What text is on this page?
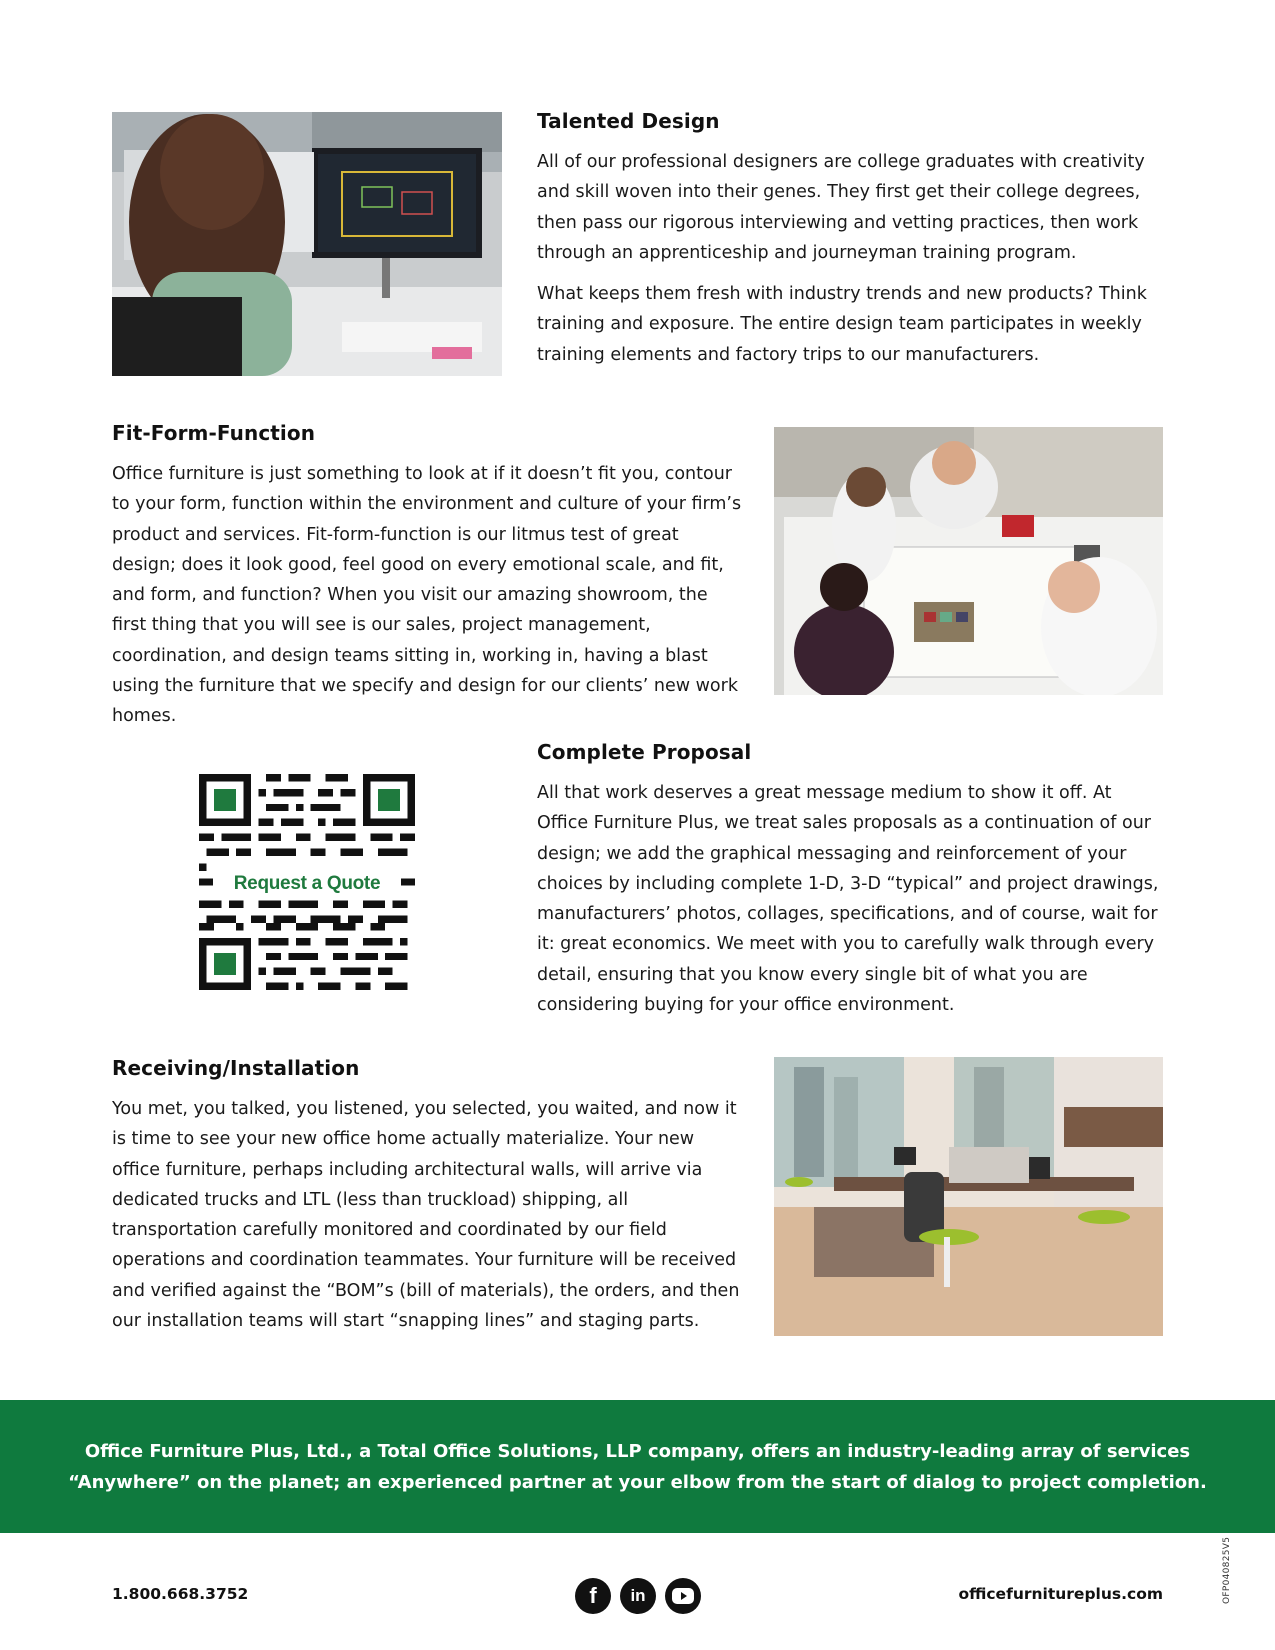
Talented Design

All of our professional designers are college graduates with creativity and skill woven into their genes. They first get their college degrees, then pass our rigorous interviewing and vetting practices, then work through an apprenticeship and journeyman training program.

What keeps them fresh with industry trends and new products? Think training and exposure. The entire design team participates in weekly training elements and factory trips to our manufacturers.

Fit-Form-Function

Office furniture is just something to look at if it doesn’t fit you, contour to your form, function within the environment and culture of your firm’s product and services. Fit-form-function is our litmus test of great design; does it look good, feel good on every emotional scale, and fit, and form, and function? When you visit our amazing showroom, the first thing that you will see is our sales, project management, coordination, and design teams sitting in, working in, having a blast using the furniture that we specify and design for our clients’ new work homes.

Request a Quote
Complete Proposal

All that work deserves a great message medium to show it off. At Office Furniture Plus, we treat sales proposals as a continuation of our design; we add the graphical messaging and reinforcement of your choices by including complete 1-D, 3-D “typical” and project drawings, manufacturers’ photos, collages, specifications, and of course, wait for it: great economics. We meet with you to carefully walk through every detail, ensuring that you know every single bit of what you are considering buying for your office environment.

Receiving/Installation

You met, you talked, you listened, you selected, you waited, and now it is time to see your new office home actually materialize. Your new office furniture, perhaps including architectural walls, will arrive via dedicated trucks and LTL (less than truckload) shipping, all transportation carefully monitored and coordinated by our field operations and coordination teammates. Your furniture will be received and verified against the “BOM”s (bill of materials), the orders, and then our installation teams will start “snapping lines” and staging parts.

Office Furniture Plus, Ltd., a Total Office Solutions, LLP company, offers an industry-leading array of services
“Anywhere” on the planet; an experienced partner at your elbow from the start of dialog to project completion.
1.800.668.3752	f in	officefurnitureplus.com	OFP040825V5
